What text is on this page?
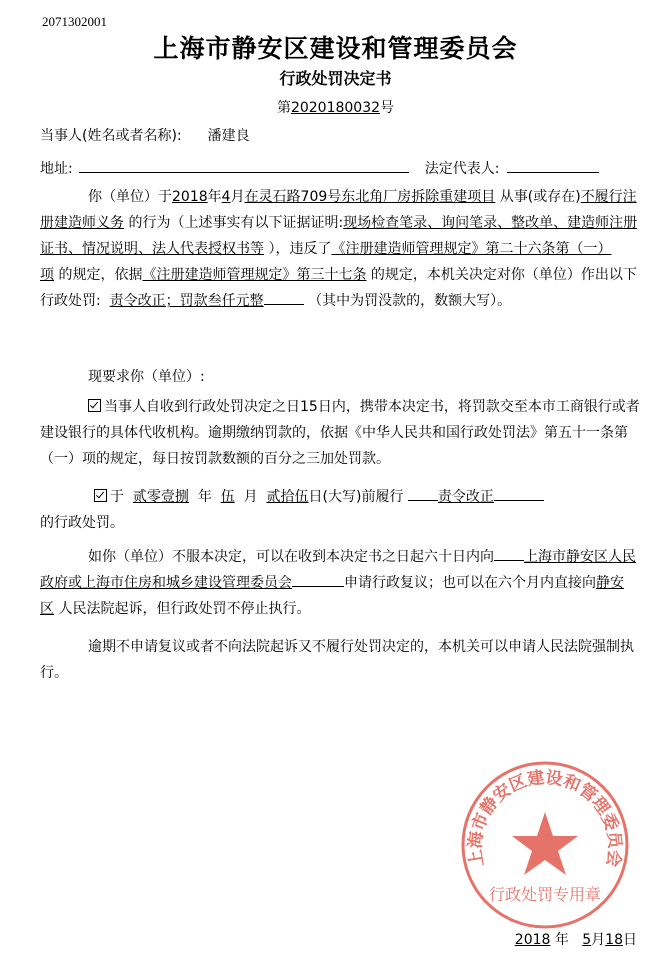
2071302001
上海市静安区建设和管理委员会
行政处罚决定书
第2020180032号
当事人(姓名或者名称): 潘建良
地址:	法定代表人:

你（单位）于2018年4月在灵石路709号东北角厂房拆除重建项目 从事(或存在)不履行注册建造师义务 的行为（上述事实有以下证据证明:现场检查笔录、询问笔录、整改单、建造师注册证书、情况说明、法人代表授权书等 ），违反了《注册建造师管理规定》第二十六条第（一）项 的规定，依据《注册建造师管理规定》第三十七条 的规定，本机关决定对你（单位）作出以下行政处罚: 责令改正；罚款叁仟元整	（其中为罚没款的，数额大写）。

现要求你（单位）:

当事人自收到行政处罚决定之日15日内，携带本决定书，将罚款交至本市工商银行或者建设银行的具体代收机构。逾期缴纳罚款的，依据《中华人民共和国行政处罚法》第五十一条第（一）项的规定，每日按罚款数额的百分之三加处罚款。

于 贰零壹捌 年 伍 月 贰拾伍日(大写)前履行 责令改正
的行政处罚。

如你（单位）不服本决定，可以在收到本决定书之日起六十日内向 上海市静安区人民政府或上海市住房和城乡建设管理委员会	申请行政复议；也可以在六个月内直接向静安区 人民法院起诉，但行政处罚不停止执行。

逾期不申请复议或者不向法院起诉又不履行处罚决定的，本机关可以申请人民法院强制执行。

上海市静安区建设和管理委员会
行政处罚专用章
2018 年 5月18日
